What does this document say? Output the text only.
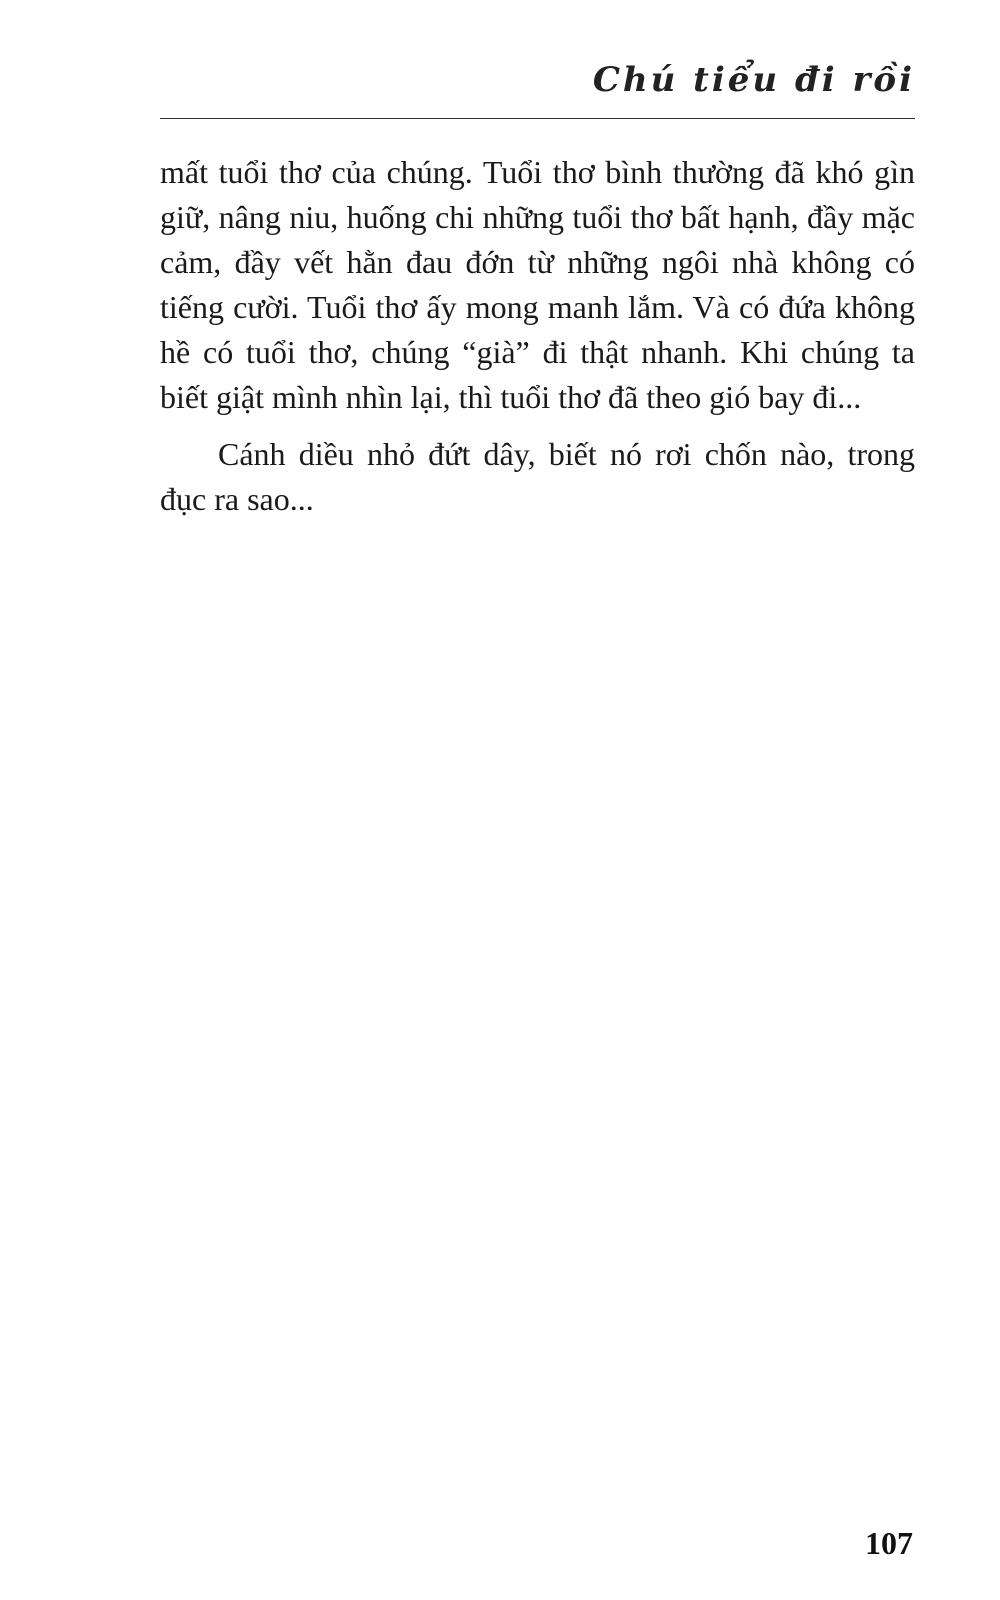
Chú tiểu đi rồi

mất tuổi thơ của chúng. Tuổi thơ bình thường đã khó gìn giữ, nâng niu, huống chi những tuổi thơ bất hạnh, đầy mặc cảm, đầy vết hằn đau đớn từ những ngôi nhà không có tiếng cười. Tuổi thơ ấy mong manh lắm. Và có đứa không hề có tuổi thơ, chúng “già” đi thật nhanh. Khi chúng ta biết giật mình nhìn lại, thì tuổi thơ đã theo gió bay đi...

Cánh diều nhỏ đứt dây, biết nó rơi chốn nào, trong đục ra sao...

107
